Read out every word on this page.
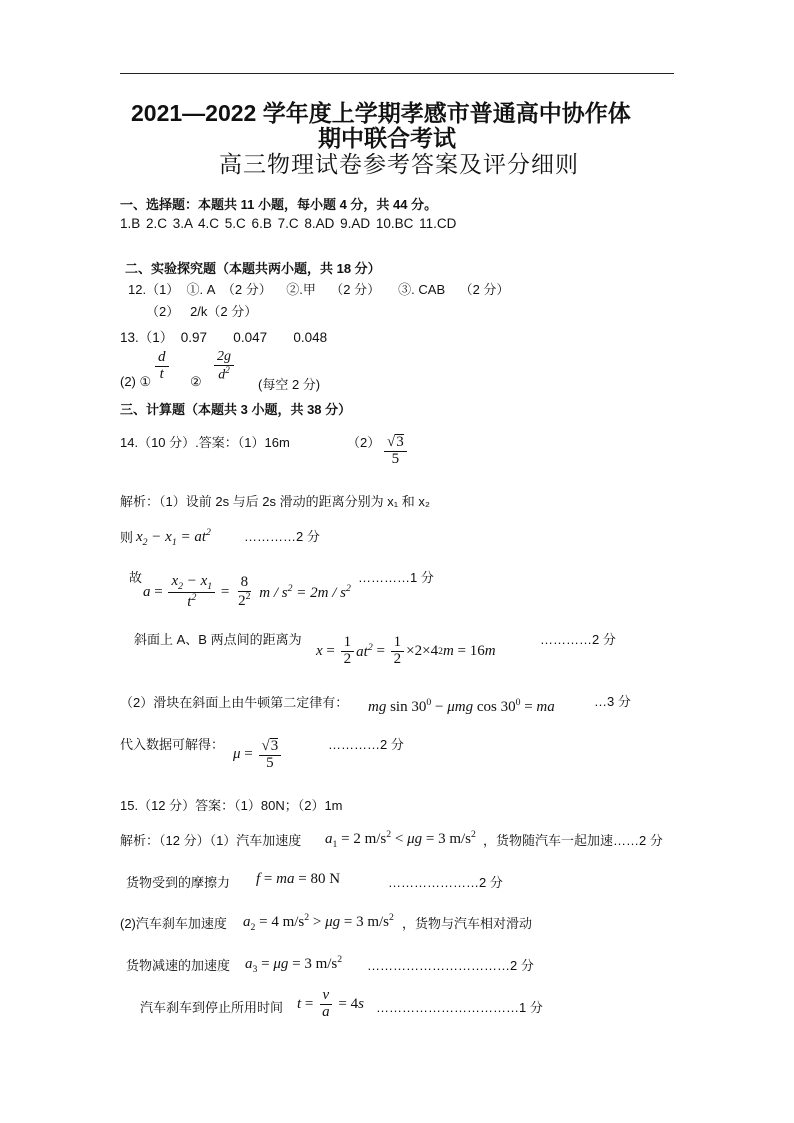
2021—2022 学年度上学期孝感市普通高中协作体
期中联合考试
高三物理试卷参考答案及评分细则
一、选择题：本题共 11 小题，每小题 4 分，共 44 分。
1.B 2.C 3.A 4.C 5.C 6.B 7.C 8.AD 9.AD 10.BC 11.CD
二、实验探究题（本题共两小题，共 18 分）
12.（1）  ①. A  （2 分）    ②.甲    （2 分）     ③. CAB    （2 分）
（2）   2/k（2 分）
13.（1）  0.97       0.047       0.048
$\frac{d}{t}$	$\frac{2g}{d^2}$
(2) ①	②	(每空 2 分)
三、计算题（本题共 3 小题，共 38 分）
14.（10 分）.答案：（1）16m	$(2) \frac{√3}{5}$
解析：（1）设前 2s 与后 2s 滑动的距离分别为 x₁ 和 x₂
则 $x_2 - x_1 = at^2$	…………2 分
故
$a = \frac{x_2 - x_1}{t^2} = \frac{8}{2^2}$ $m / s^2 = 2m / s^2$
…………1 分
斜面上 A、B 两点间的距离为
$x = \frac{1}{2} at^2 = \frac{1}{2} \times 2\times 4$ 2 m = 16 m
…………2 分
（2）滑块在斜面上由牛顿第二定律有： mg $\sin 30^0 - \mu mg$ $\cos 30^0$ = ma	…3 分
代入数据可解得：
$\mu = \frac{√3}{5}$	…………2 分
15.（12 分）答案：（1）80N；（2）1m
解析：（12 分）（1）汽车加速度 $a_1 = 2$ $m/s^2 < \mu g = 3$ $m/s^2$ ，货物随汽车一起加速……2 分
货物受到的摩擦力 f = ma = 80 N	…………………2 分
(2)汽车刹车加速度 $a_2 = 4$ $m/s^2 > \mu g = 3$ $m/s^2$ ，货物与汽车相对滑动
货物减速的加速度 $a_3 = \mu g = 3$ $m/s^2$ ……………………………2 分
汽车刹车到停止所用时间 $t = \frac{v}{a} = 4$ s ……………………………1 分
